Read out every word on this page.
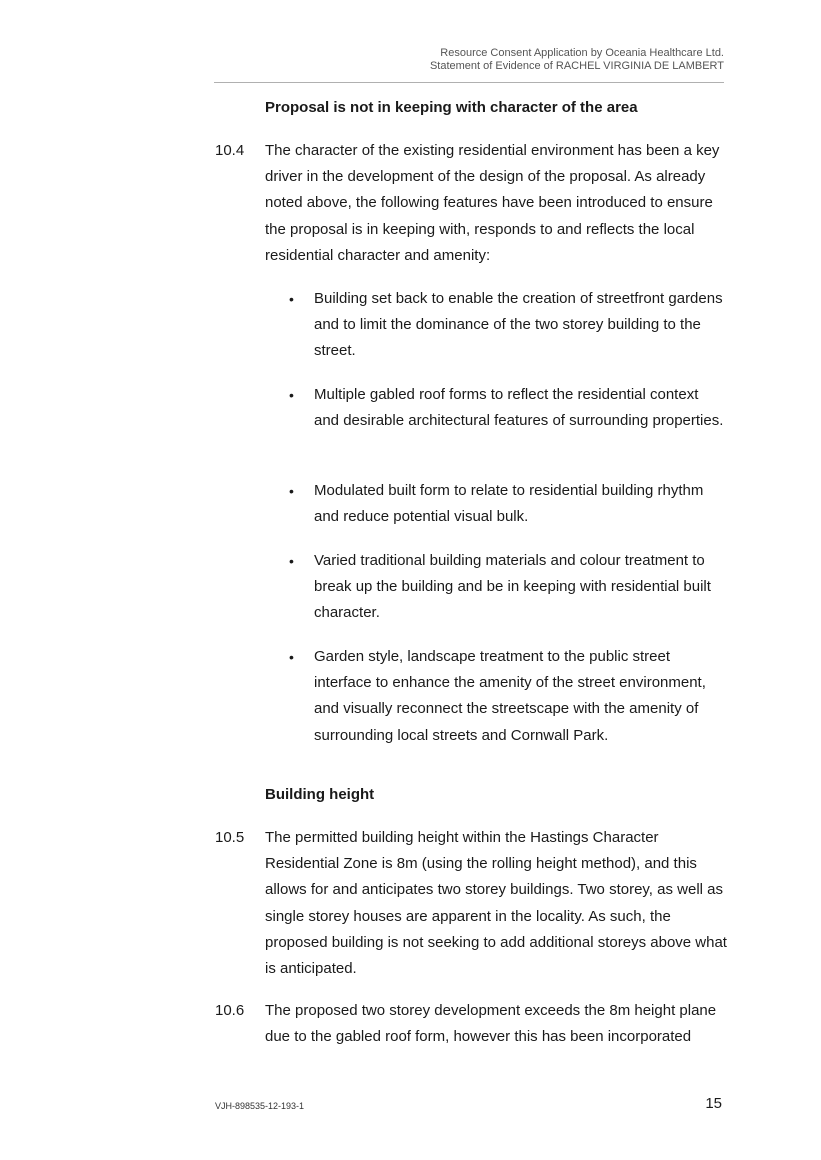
Resource Consent Application by Oceania Healthcare Ltd.
Statement of Evidence of RACHEL VIRGINIA DE LAMBERT
Proposal is not in keeping with character of the area
10.4 The character of the existing residential environment has been a key driver in the development of the design of the proposal. As already noted above, the following features have been introduced to ensure the proposal is in keeping with, responds to and reflects the local residential character and amenity:
• Building set back to enable the creation of streetfront gardens and to limit the dominance of the two storey building to the street.
• Multiple gabled roof forms to reflect the residential context and desirable architectural features of surrounding properties.
• Modulated built form to relate to residential building rhythm and reduce potential visual bulk.
• Varied traditional building materials and colour treatment to break up the building and be in keeping with residential built character.
• Garden style, landscape treatment to the public street interface to enhance the amenity of the street environment, and visually reconnect the streetscape with the amenity of surrounding local streets and Cornwall Park.
Building height
10.5 The permitted building height within the Hastings Character Residential Zone is 8m (using the rolling height method), and this allows for and anticipates two storey buildings. Two storey, as well as single storey houses are apparent in the locality. As such, the proposed building is not seeking to add additional storeys above what is anticipated.
10.6 The proposed two storey development exceeds the 8m height plane due to the gabled roof form, however this has been incorporated
VJH-898535-12-193-1	15
